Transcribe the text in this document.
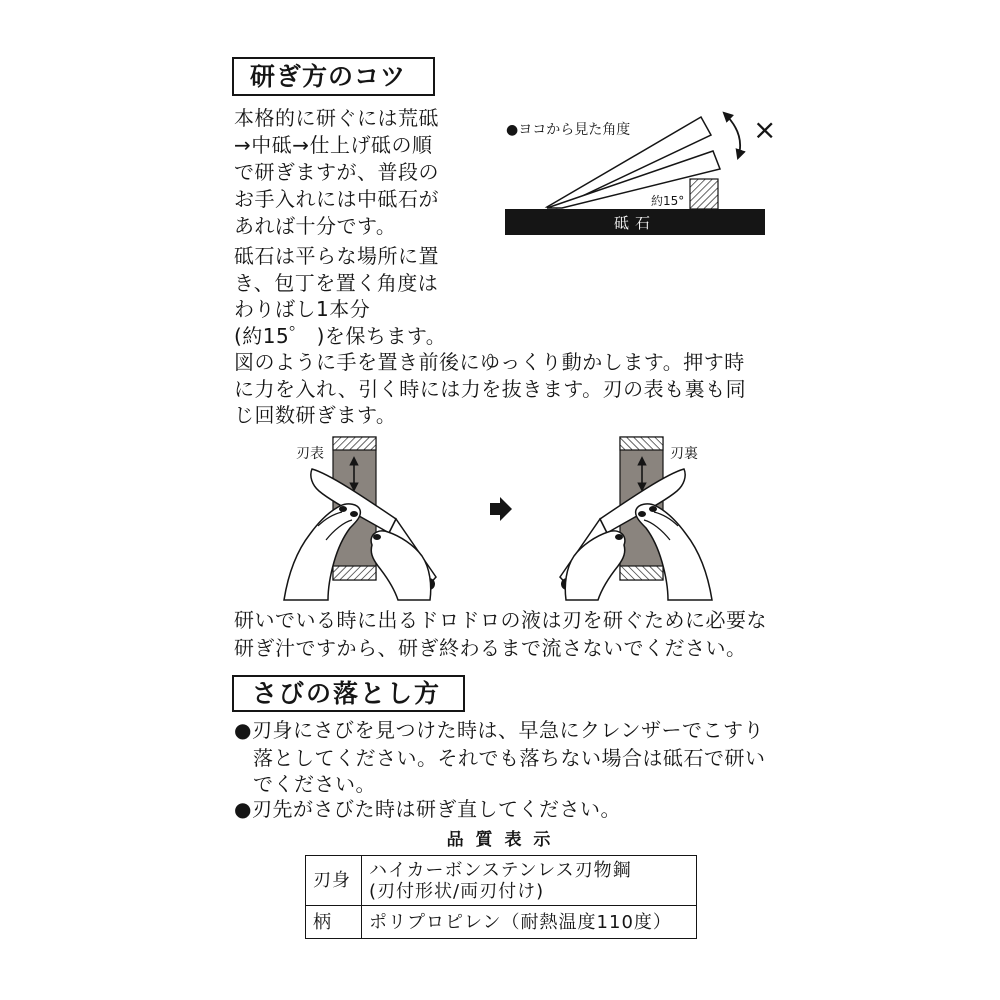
研ぎ方のコツ
本格的に研ぐには荒砥
→中砥→仕上げ砥の順
で研ぎますが、普段の
お手入れには中砥石が
あれば十分です。
砥石は平らな場所に置
き、包丁を置く角度は
わりばし1本分
(約15゜ )を保ちます。
図のように手を置き前後にゆっくり動かします。押す時
に力を入れ、引く時には力を抜きます。刃の表も裏も同
じ回数研ぎます。
●ヨコから見た角度
約15°
砥石
×
刃表	刃裏
研いでいる時に出るドロドロの液は刃を研ぐために必要な
研ぎ汁ですから、研ぎ終わるまで流さないでください。
さびの落とし方
●刃身にさびを見つけた時は、早急にクレンザーでこすり
落としてください。それでも落ちない場合は砥石で研い
でください。
●刃先がさびた時は研ぎ直してください。
品 質 表 示
刃身	ハイカーボンステンレス刃物鋼
(刃付形状/両刃付け)

柄	ポリプロピレン（耐熱温度110度）
